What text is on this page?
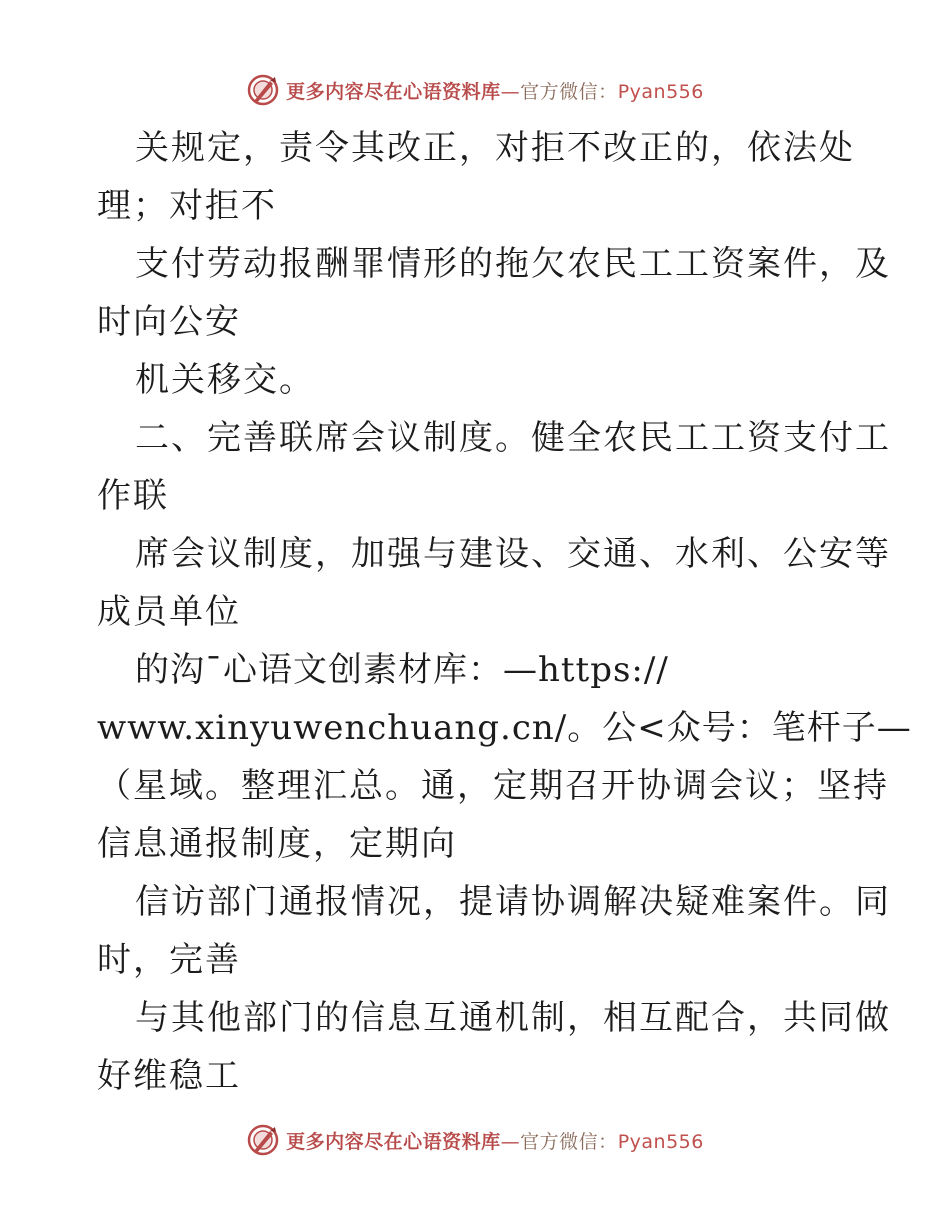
更多内容尽在心语资料库—官方微信：Pyan556
关规定，责令其改正，对拒不改正的，依法处
理；对拒不
支付劳动报酬罪情形的拖欠农民工工资案件，及
时向公安
机关移交。
二、完善联席会议制度。健全农民工工资支付工
作联
席会议制度，加强与建设、交通、水利、公安等
成员单位
的沟¯心语文创素材库：—https://
www.xinyuwenchuang.cn/。公<众号：笔杆子—
（星域。整理汇总。通，定期召开协调会议；坚持
信息通报制度，定期向
信访部门通报情况，提请协调解决疑难案件。同
时，完善
与其他部门的信息互通机制，相互配合，共同做
好维稳工
更多内容尽在心语资料库—官方微信：Pyan556
